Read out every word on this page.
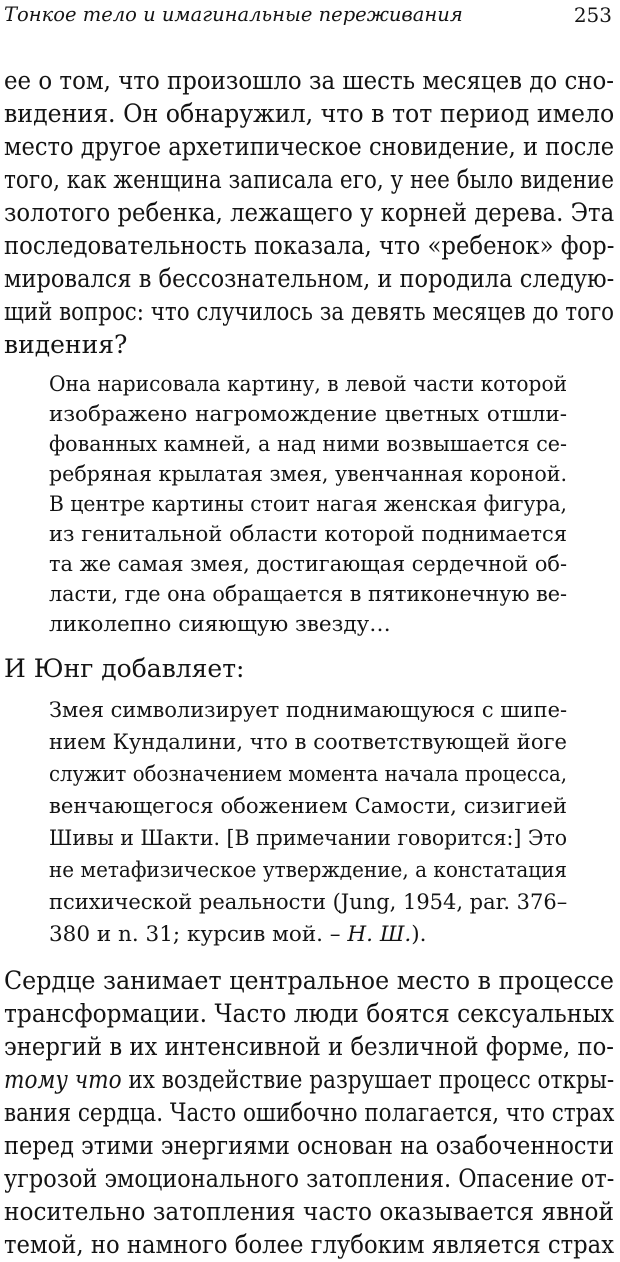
Тонкое тело и имагинальные переживания	253
ее о том, что произошло за шесть месяцев до сно-
видения. Он обнаружил, что в тот период имело
место другое архетипическое сновидение, и после
того, как женщина записала его, у нее было видение
золотого ребенка, лежащего у корней дерева. Эта
последовательность показала, что «ребенок» фор-
мировался в бессознательном, и породила следую-
щий вопрос: что случилось за девять месяцев до того
видения?
Она нарисовала картину, в левой части которой
изображено нагромождение цветных отшли-
фованных камней, а над ними возвышается се-
ребряная крылатая змея, увенчанная короной.
В центре картины стоит нагая женская фигура,
из генитальной области которой поднимается
та же самая змея, достигающая сердечной об-
ласти, где она обращается в пятиконечную ве-
ликолепно сияющую звезду…
И Юнг добавляет:
Змея символизирует поднимающуюся с шипе-
нием Кундалини, что в соответствующей йоге
служит обозначением момента начала процесса,
венчающегося обожением Самости, сизигией
Шивы и Шакти. [В примечании говорится:] Это
не метафизическое утверждение, а констатация
психической реальности (Jung, 1954, par. 376–
380 и n. 31; курсив мой. – Н. Ш.).
Сердце занимает центральное место в процессе
трансформации. Часто люди боятся сексуальных
энергий в их интенсивной и безличной форме, по-
тому что их воздействие разрушает процесс откры-
вания сердца. Часто ошибочно полагается, что страх
перед этими энергиями основан на озабоченности
угрозой эмоционального затопления. Опасение от-
носительно затопления часто оказывается явной
темой, но намного более глубоким является страх
